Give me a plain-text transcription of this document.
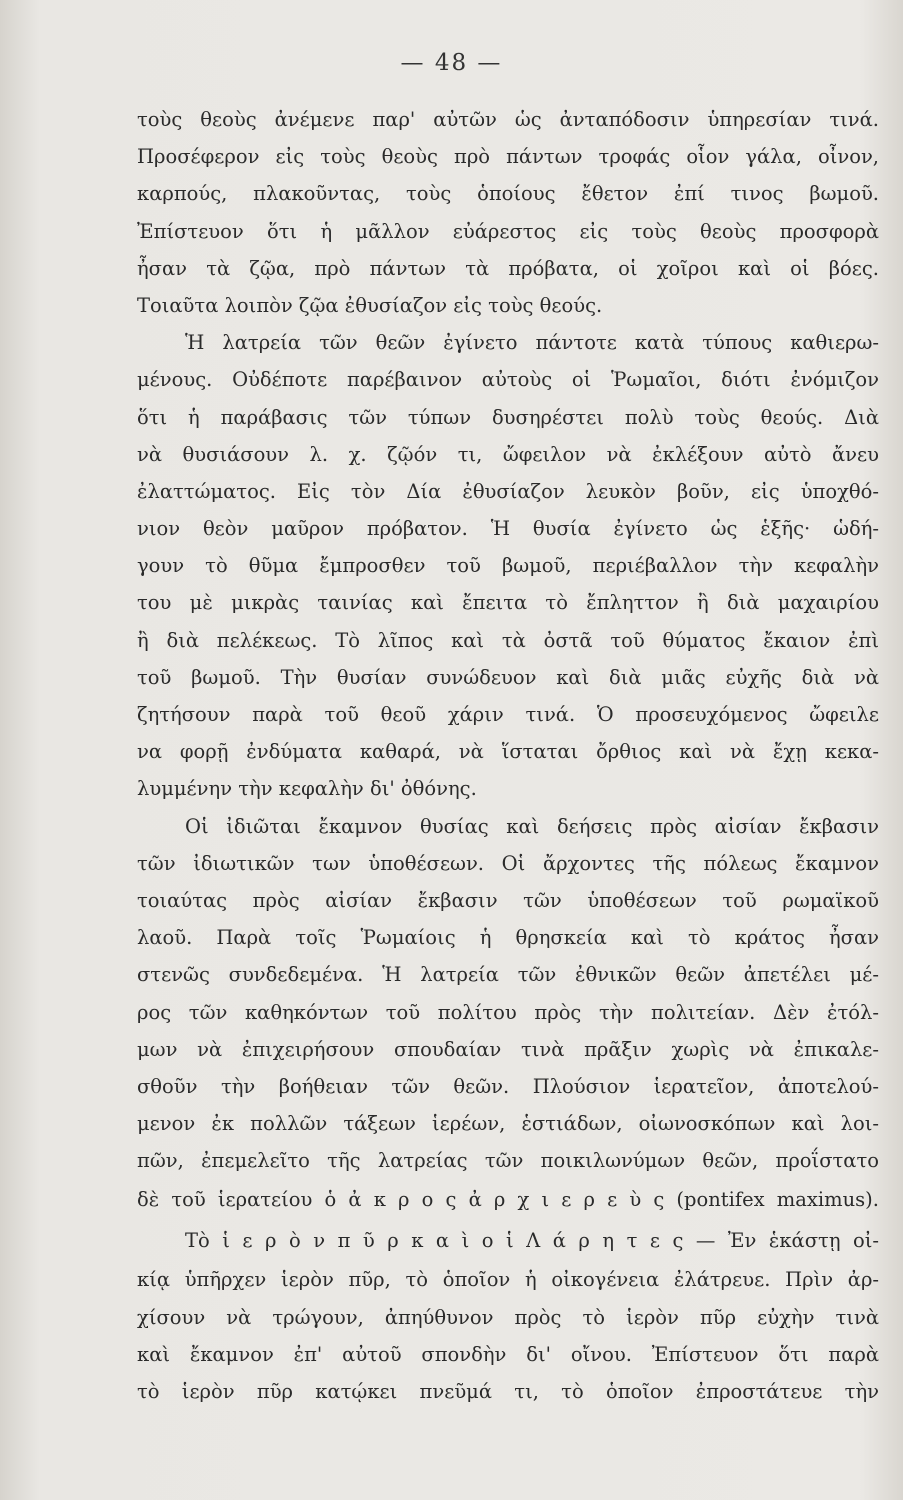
— 48 —
τοὺς θεοὺς ἀνέμενε παρ' αὐτῶν ὡς ἀνταπόδοσιν ὑπηρεσίαν τινά.
Προσέφερον εἰς τοὺς θεοὺς πρὸ πάντων τροφάς οἷον γάλα, οἶνον,
καρπούς, πλακοῦντας, τοὺς ὁποίους ἔθετον ἐπί τινος βωμοῦ.
Ἐπίστευον ὅτι ἡ μᾶλλον εὐάρεστος εἰς τοὺς θεοὺς προσφορὰ
ἦσαν τὰ ζῷα, πρὸ πάντων τὰ πρόβατα, οἱ χοῖροι καὶ οἱ βόες.
Τοιαῦτα λοιπὸν ζῷα ἐθυσίαζον εἰς τοὺς θεούς.
Ἡ λατρεία τῶν θεῶν ἐγίνετο πάντοτε κατὰ τύπους καθιερω-
μένους. Οὐδέποτε παρέβαινον αὐτοὺς οἱ Ῥωμαῖοι, διότι ἐνόμιζον
ὅτι ἡ παράβασις τῶν τύπων δυσηρέστει πολὺ τοὺς θεούς. Διὰ
νὰ θυσιάσουν λ. χ. ζῷόν τι, ὤφειλον νὰ ἐκλέξουν αὐτὸ ἄνευ
ἐλαττώματος. Εἰς τὸν Δία ἐθυσίαζον λευκὸν βοῦν, εἰς ὑποχθό-
νιον θεὸν μαῦρον πρόβατον. Ἡ θυσία ἐγίνετο ὡς ἑξῆς· ὡδή-
γουν τὸ θῦμα ἔμπροσθεν τοῦ βωμοῦ, περιέβαλλον τὴν κεφαλὴν
του μὲ μικρὰς ταινίας καὶ ἔπειτα τὸ ἔπληττον ἢ διὰ μαχαιρίου
ἢ διὰ πελέκεως. Τὸ λῖπος καὶ τὰ ὀστᾶ τοῦ θύματος ἔκαιον ἐπὶ
τοῦ βωμοῦ. Τὴν θυσίαν συνώδευον καὶ διὰ μιᾶς εὐχῆς διὰ νὰ
ζητήσουν παρὰ τοῦ θεοῦ χάριν τινά. Ὁ προσευχόμενος ὤφειλε
να φορῇ ἐνδύματα καθαρά, νὰ ἵσταται ὄρθιος καὶ νὰ ἔχῃ κεκα-
λυμμένην τὴν κεφαλὴν δι' ὀθόνης.
Οἱ ἰδιῶται ἔκαμνον θυσίας καὶ δεήσεις πρὸς αἰσίαν ἔκβασιν
τῶν ἰδιωτικῶν των ὑποθέσεων. Οἱ ἄρχοντες τῆς πόλεως ἔκαμνον
τοιαύτας πρὸς αἰσίαν ἔκβασιν τῶν ὑποθέσεων τοῦ ρωμαϊκοῦ
λαοῦ. Παρὰ τοῖς Ῥωμαίοις ἡ θρησκεία καὶ τὸ κράτος ἦσαν
στενῶς συνδεδεμένα. Ἡ λατρεία τῶν ἐθνικῶν θεῶν ἀπετέλει μέ-
ρος τῶν καθηκόντων τοῦ πολίτου πρὸς τὴν πολιτείαν. Δὲν ἐτόλ-
μων νὰ ἐπιχειρήσουν σπουδαίαν τινὰ πρᾶξιν χωρὶς νὰ ἐπικαλε-
σθοῦν τὴν βοήθειαν τῶν θεῶν. Πλούσιον ἱερατεῖον, ἀποτελού-
μενον ἐκ πολλῶν τάξεων ἱερέων, ἑστιάδων, οἰωνοσκόπων καὶ λοι-
πῶν, ἐπεμελεῖτο τῆς λατρείας τῶν ποικιλωνύμων θεῶν, προΐστατο
δὲ τοῦ ἱερατείου ὁ ἀ κ ρ ο ς ἀ ρ χ ι ε ρ ε ὺ ς (pontifex maximus).
Τὸ ἱ ε ρ ὸ ν π ῦ ρ κ α ὶ ο ἱ Λ ά ρ η τ ε ς — Ἐν ἑκάστῃ οἰ-
κίᾳ ὑπῆρχεν ἱερὸν πῦρ, τὸ ὁποῖον ἡ οἰκογένεια ἐλάτρευε. Πρὶν ἀρ-
χίσουν νὰ τρώγουν, ἀπηύθυνον πρὸς τὸ ἱερὸν πῦρ εὐχὴν τινὰ
καὶ ἔκαμνον ἐπ' αὐτοῦ σπονδὴν δι' οἴνου. Ἐπίστευον ὅτι παρὰ
τὸ ἱερὸν πῦρ κατῴκει πνεῦμά τι, τὸ ὁποῖον ἐπροστάτευε τὴν
